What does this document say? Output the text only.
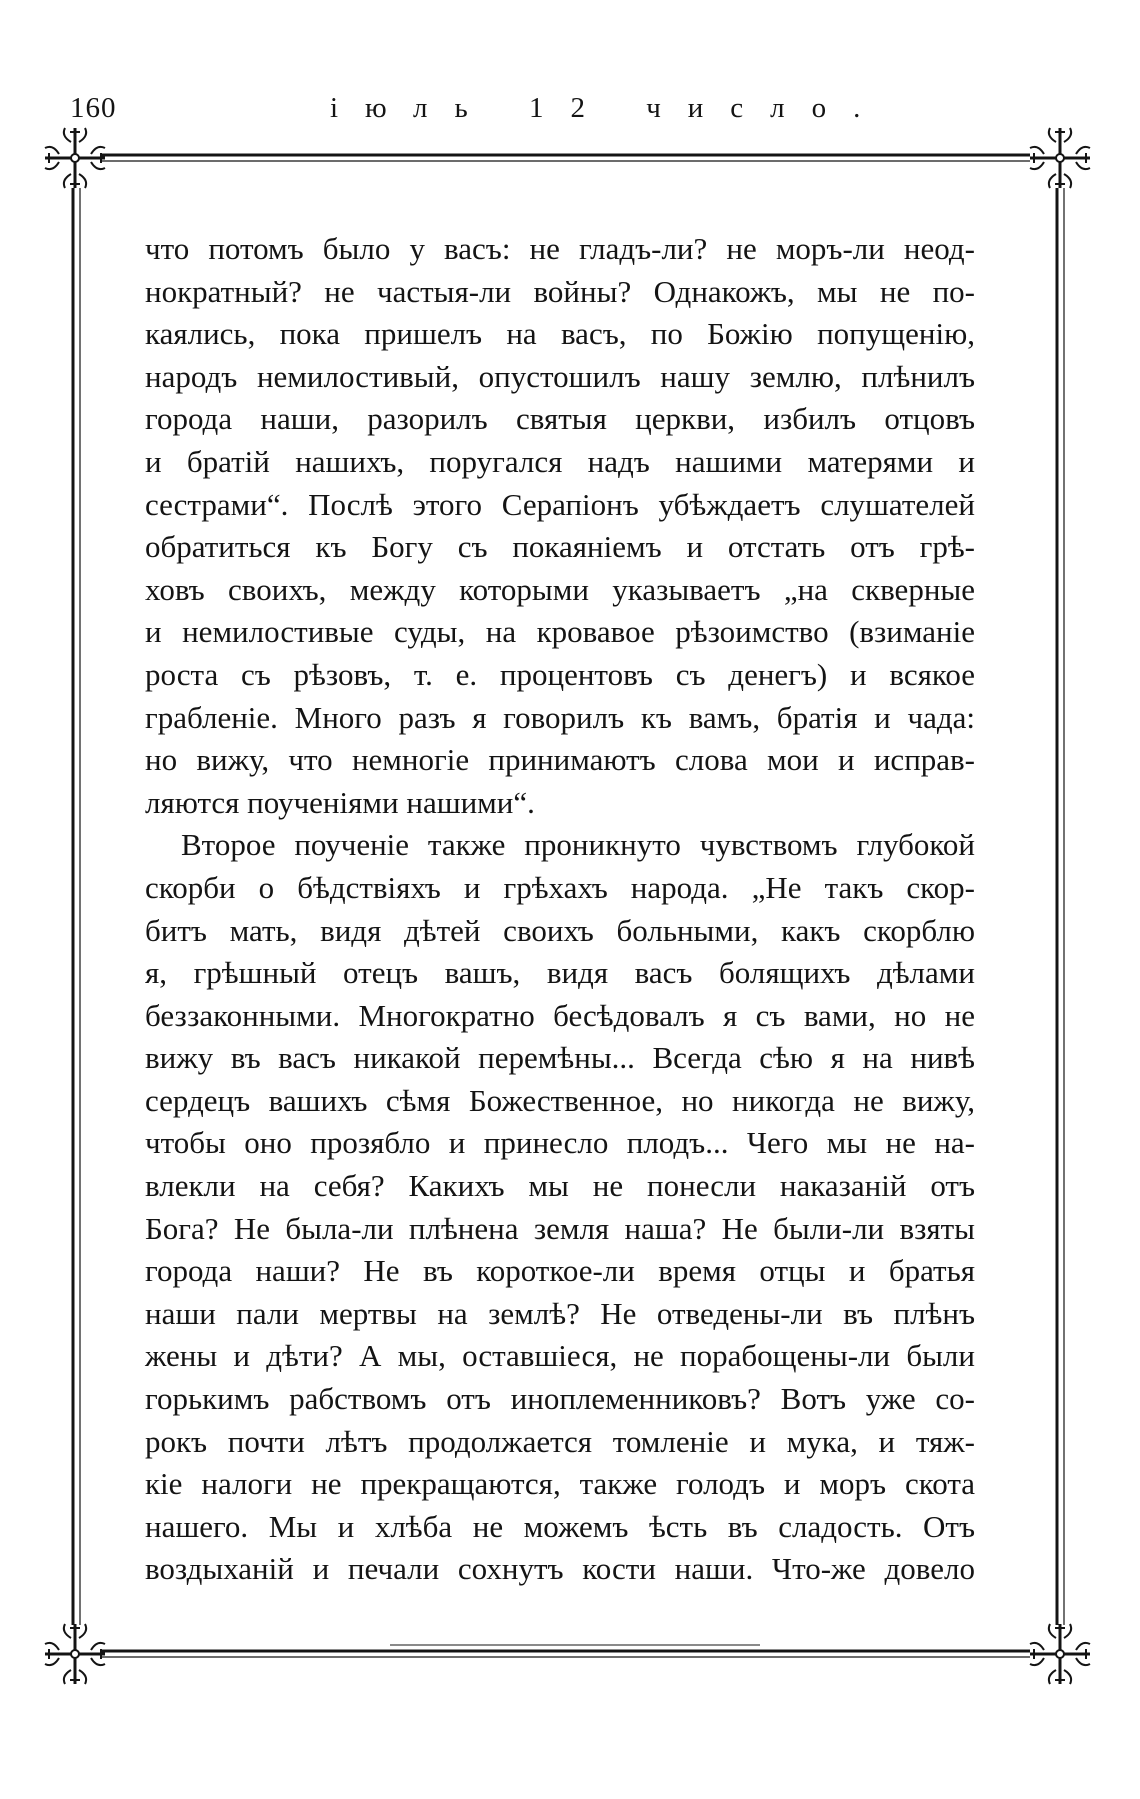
160	іюль 12 число.
что потомъ было у васъ: не гладъ-ли? не моръ-ли неод-
нократный? не частыя-ли войны? Однакожъ, мы не по-
каялись, пока пришелъ на васъ, по Божію попущенію,
народъ немилостивый, опустошилъ нашу землю, плѣнилъ
города наши, разорилъ святыя церкви, избилъ отцовъ
и братій нашихъ, поругался надъ нашими матерями и
сестрами“. Послѣ этого Серапіонъ убѣждаетъ слушателей
обратиться къ Богу съ покаяніемъ и отстать отъ грѣ-
ховъ своихъ, между которыми указываетъ „на скверные
и немилостивые суды, на кровавое рѣзоимство (взиманіе
роста съ рѣзовъ, т. е. процентовъ съ денегъ) и всякое
грабленіе. Много разъ я говорилъ къ вамъ, братія и чада:
но вижу, что немногіе принимаютъ слова мои и исправ-
ляются поученіями нашими“.
Второе поученіе также проникнуто чувствомъ глубокой
скорби о бѣдствіяхъ и грѣхахъ народа. „Не такъ скор-
битъ мать, видя дѣтей своихъ больными, какъ скорблю
я, грѣшный отецъ вашъ, видя васъ болящихъ дѣлами
беззаконными. Многократно бесѣдовалъ я съ вами, но не
вижу въ васъ никакой перемѣны... Всегда сѣю я на нивѣ
сердецъ вашихъ сѣмя Божественное, но никогда не вижу,
чтобы оно прозябло и принесло плодъ... Чего мы не на-
влекли на себя? Какихъ мы не понесли наказаній отъ
Бога? Не была-ли плѣнена земля наша? Не были-ли взяты
города наши? Не въ короткое-ли время отцы и братья
наши пали мертвы на землѣ? Не отведены-ли въ плѣнъ
жены и дѣти? А мы, оставшіеся, не порабощены-ли были
горькимъ рабствомъ отъ иноплеменниковъ? Вотъ уже со-
рокъ почти лѣтъ продолжается томленіе и мука, и тяж-
кіе налоги не прекращаются, также голодъ и моръ скота
нашего. Мы и хлѣба не можемъ ѣсть въ сладость. Отъ
воздыханій и печали сохнутъ кости наши. Что-же довело
